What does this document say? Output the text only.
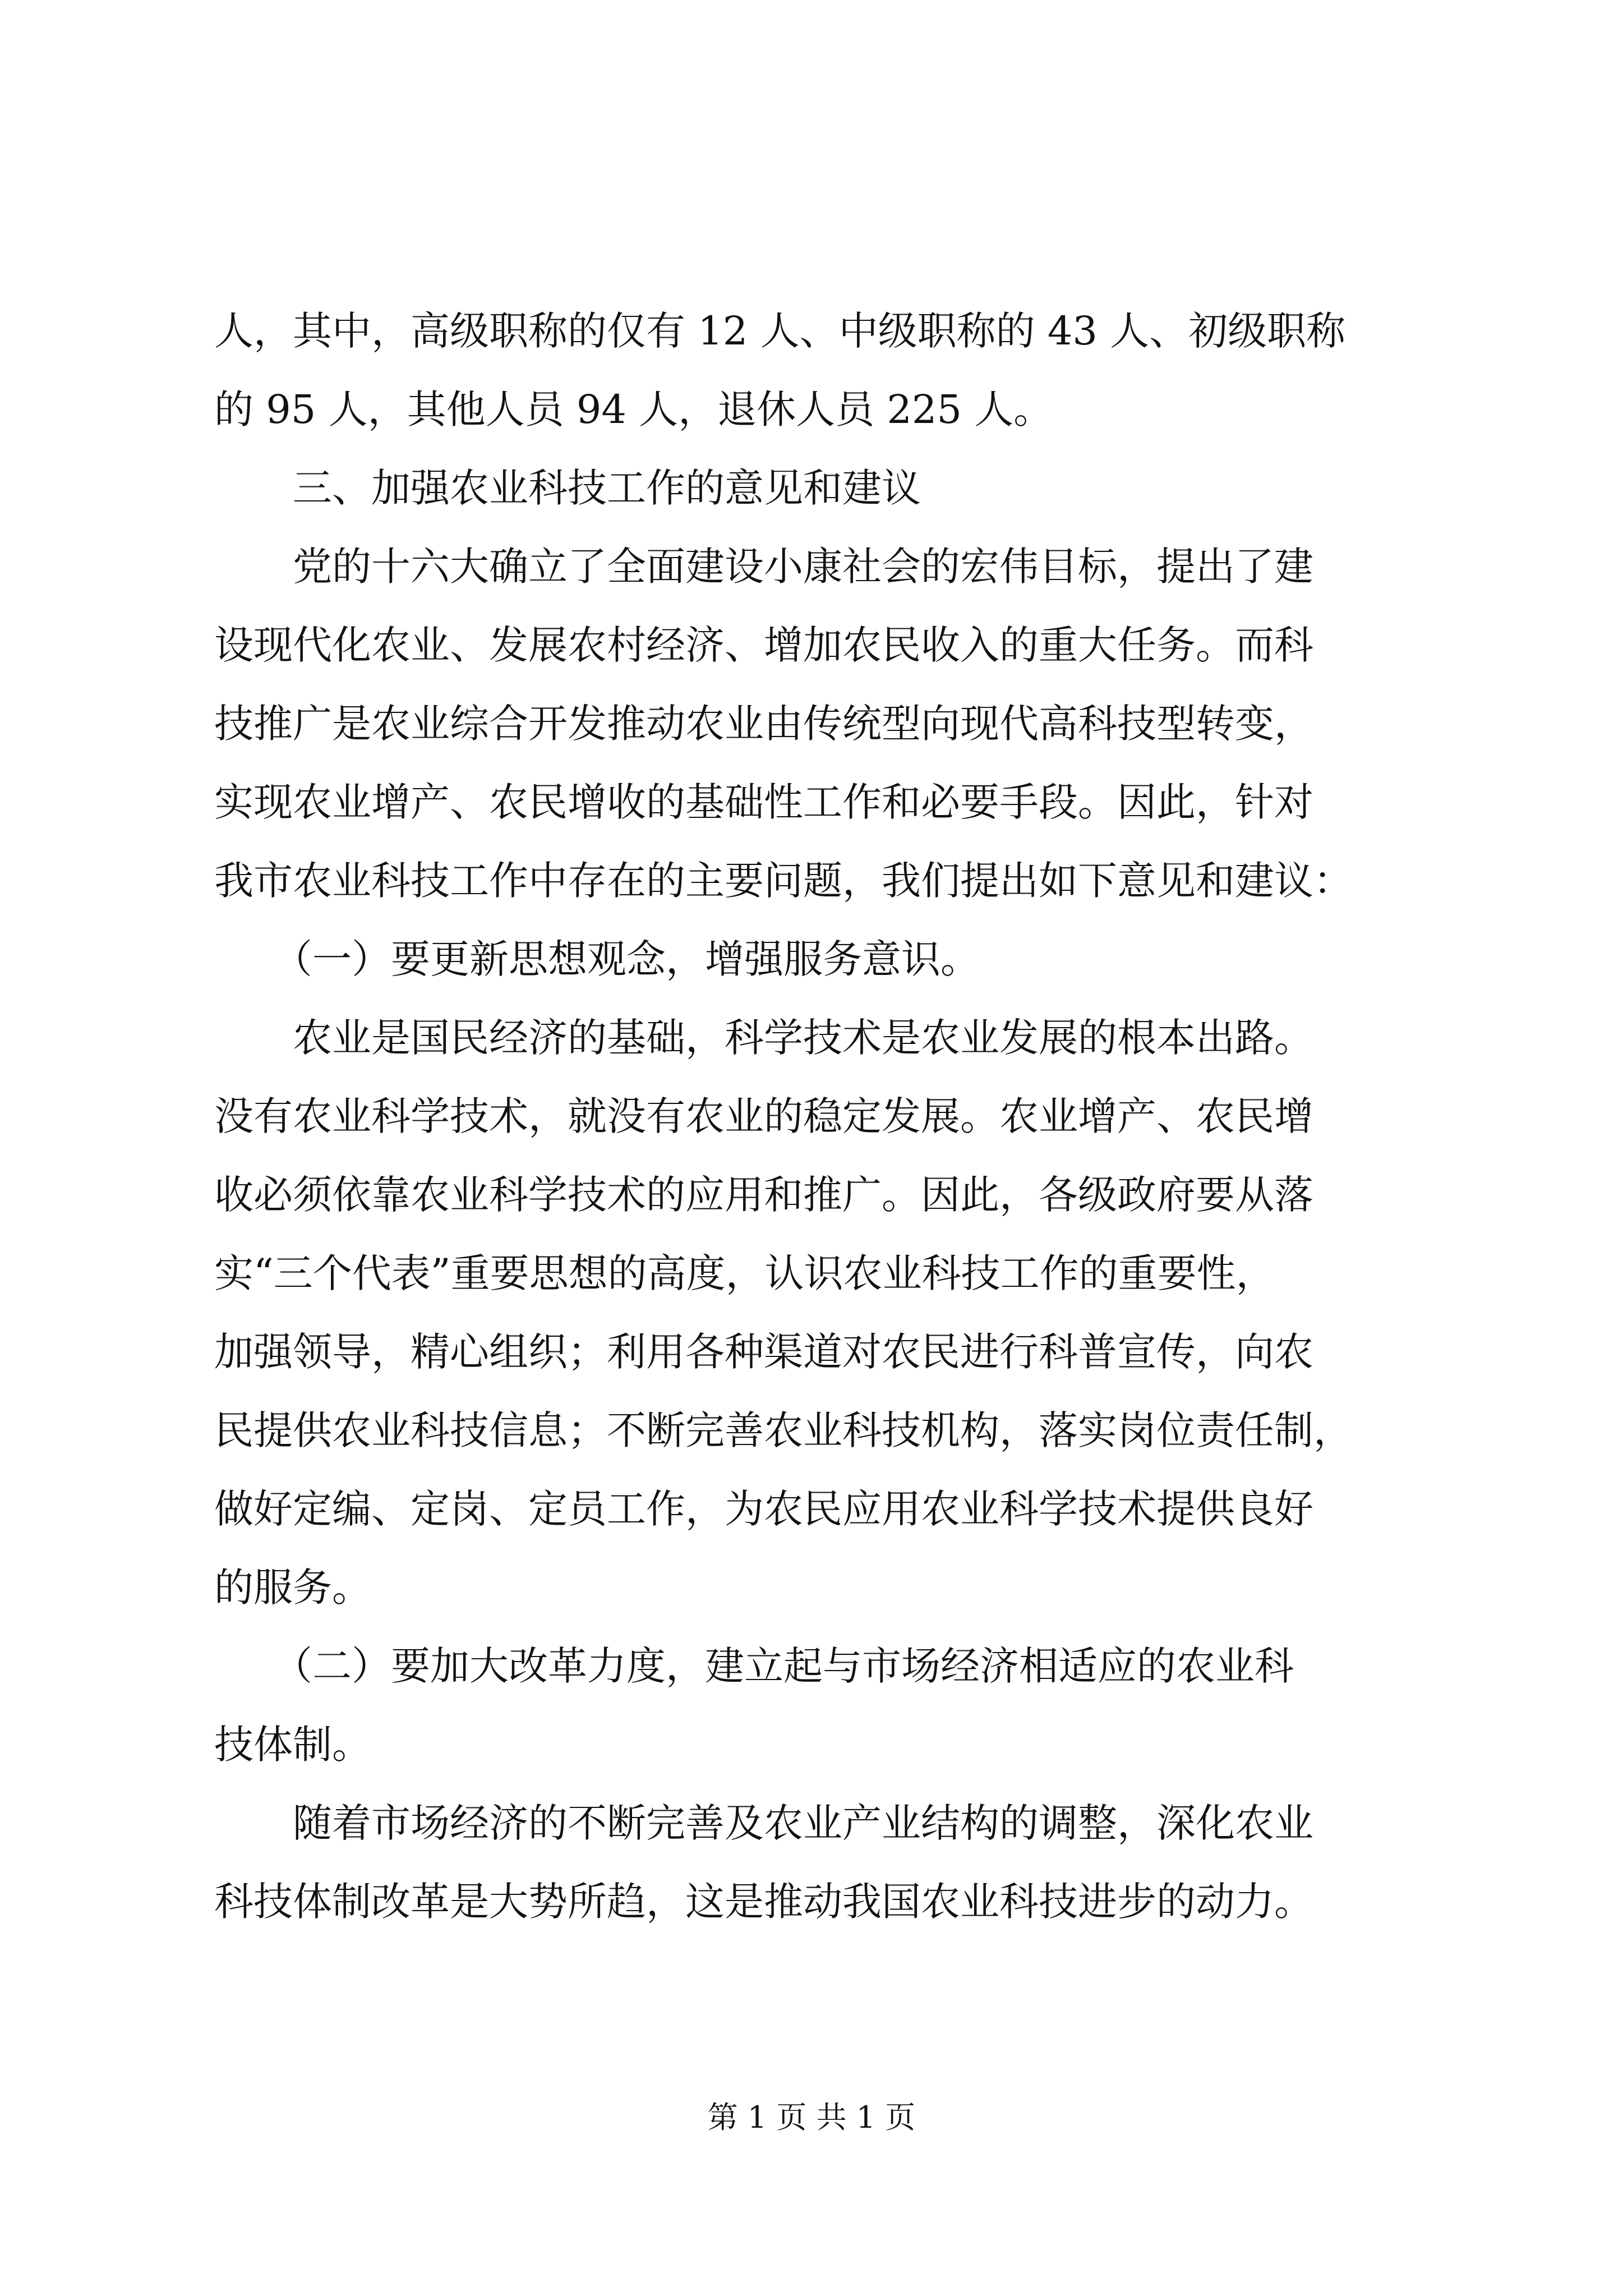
人，其中，高级职称的仅有 12 人、中级职称的 43 人、初级职称
的 95 人，其他人员 94 人，退休人员 225 人。
　　三、加强农业科技工作的意见和建议
　　党的十六大确立了全面建设小康社会的宏伟目标，提出了建
设现代化农业、发展农村经济、增加农民收入的重大任务。而科
技推广是农业综合开发推动农业由传统型向现代高科技型转变，
实现农业增产、农民增收的基础性工作和必要手段。因此，针对
我市农业科技工作中存在的主要问题，我们提出如下意见和建议：
　　（一）要更新思想观念，增强服务意识。
　　农业是国民经济的基础，科学技术是农业发展的根本出路。
没有农业科学技术，就没有农业的稳定发展。农业增产、农民增
收必须依靠农业科学技术的应用和推广。因此，各级政府要从落
实“三个代表”重要思想的高度，认识农业科技工作的重要性，
加强领导，精心组织；利用各种渠道对农民进行科普宣传，向农
民提供农业科技信息；不断完善农业科技机构，落实岗位责任制，
做好定编、定岗、定员工作，为农民应用农业科学技术提供良好
的服务。
　　（二）要加大改革力度，建立起与市场经济相适应的农业科
技体制。
　　随着市场经济的不断完善及农业产业结构的调整，深化农业
科技体制改革是大势所趋，这是推动我国农业科技进步的动力。
第 1 页 共 1 页
